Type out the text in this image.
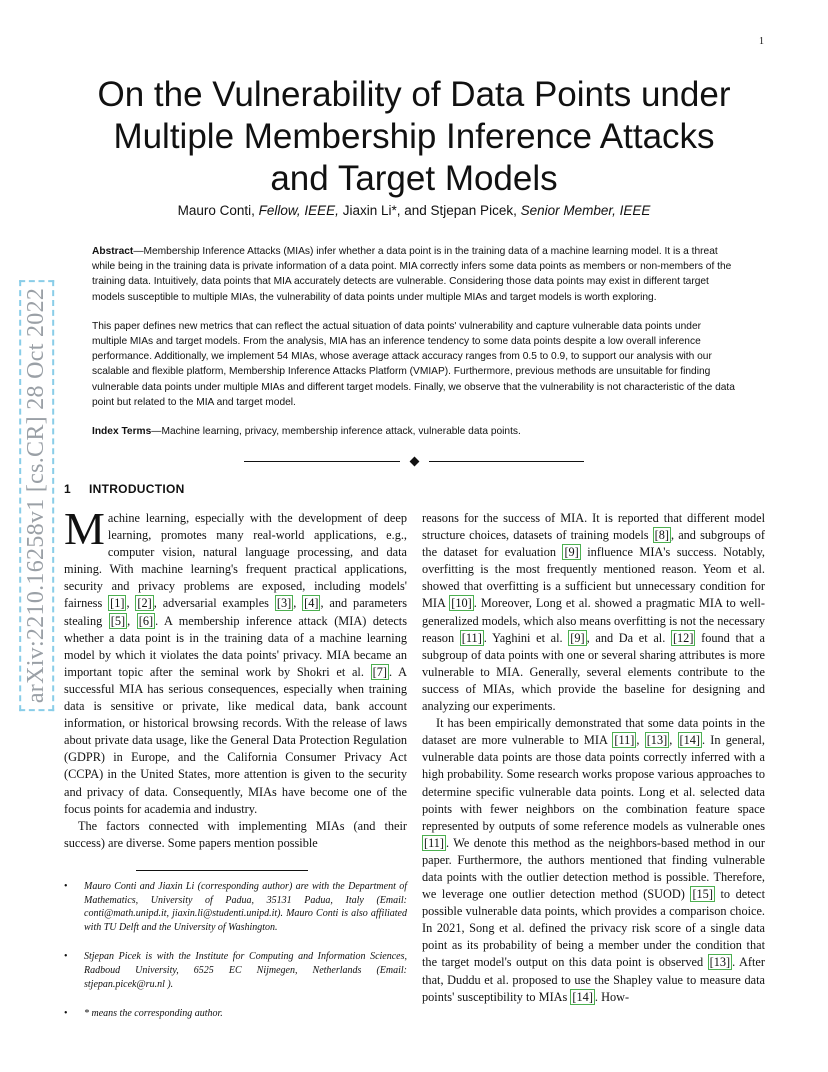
1
arXiv:2210.16258v1 [cs.CR] 28 Oct 2022
On the Vulnerability of Data Points under Multiple Membership Inference Attacks and Target Models
Mauro Conti, Fellow, IEEE, Jiaxin Li*, and Stjepan Picek, Senior Member, IEEE

Abstract—Membership Inference Attacks (MIAs) infer whether a data point is in the training data of a machine learning model. It is a threat while being in the training data is private information of a data point. MIA correctly infers some data points as members or non-members of the training data. Intuitively, data points that MIA accurately detects are vulnerable. Considering those data points may exist in different target models susceptible to multiple MIAs, the vulnerability of data points under multiple MIAs and target models is worth exploring.

This paper defines new metrics that can reflect the actual situation of data points' vulnerability and capture vulnerable data points under multiple MIAs and target models. From the analysis, MIA has an inference tendency to some data points despite a low overall inference performance. Additionally, we implement 54 MIAs, whose average attack accuracy ranges from 0.5 to 0.9, to support our analysis with our scalable and flexible platform, Membership Inference Attacks Platform (VMIAP). Furthermore, previous methods are unsuitable for finding vulnerable data points under multiple MIAs and different target models. Finally, we observe that the vulnerability is not characteristic of the data point but related to the MIA and target model.

Index Terms—Machine learning, privacy, membership inference attack, vulnerable data points.

1 INTRODUCTION

Machine learning, especially with the development of deep learning, promotes many real-world applications, e.g., computer vision, natural language processing, and data mining. With machine learning's frequent practical applications, security and privacy problems are exposed, including models' fairness [1] , [2] , adversarial examples [3] , [4] , and parameters stealing [5] , [6] . A membership inference attack (MIA) detects whether a data point is in the training data of a machine learning model by which it violates the data points' privacy. MIA became an important topic after the seminal work by Shokri et al. [7] . A successful MIA has serious consequences, especially when training data is sensitive or private, like medical data, bank account information, or historical browsing records. With the release of laws about private data usage, like the General Data Protection Regulation (GDPR) in Europe, and the California Consumer Privacy Act (CCPA) in the United States, more attention is given to the security and privacy of data. Consequently, MIAs have become one of the focus points for academia and industry.

The factors connected with implementing MIAs (and their success) are diverse. Some papers mention possible

reasons for the success of MIA. It is reported that different model structure choices, datasets of training models [8] , and subgroups of the dataset for evaluation [9] influence MIA's success. Notably, overfitting is the most frequently mentioned reason. Yeom et al. showed that overfitting is a sufficient but unnecessary condition for MIA [10] . Moreover, Long et al. showed a pragmatic MIA to well-generalized models, which also means overfitting is not the necessary reason [11] . Yaghini et al. [9] , and Da et al. [12] found that a subgroup of data points with one or several sharing attributes is more vulnerable to MIA. Generally, several elements contribute to the success of MIAs, which provide the baseline for designing and analyzing our experiments.

It has been empirically demonstrated that some data points in the dataset are more vulnerable to MIA [11] , [13] , [14] . In general, vulnerable data points are those data points correctly inferred with a high probability. Some research works propose various approaches to determine specific vulnerable data points. Long et al. selected data points with fewer neighbors on the combination feature space represented by outputs of some reference models as vulnerable ones [11] . We denote this method as the neighbors-based method in our paper. Furthermore, the authors mentioned that finding vulnerable data points with the outlier detection method is possible. Therefore, we leverage one outlier detection method (SUOD) [15] to detect possible vulnerable data points, which provides a comparison choice. In 2021, Song et al. defined the privacy risk score of a single data point as its probability of being a member under the condition that the target model's output on this data point is observed [13] . After that, Duddu et al. proposed to use the Shapley value to measure data points' susceptibility to MIAs [14] . How-

• Mauro Conti and Jiaxin Li (corresponding author) are with the Department of Mathematics, University of Padua, 35131 Padua, Italy (Email: conti@math.unipd.it, jiaxin.li@studenti.unipd.it). Mauro Conti is also affiliated with TU Delft and the University of Washington.
• Stjepan Picek is with the Institute for Computing and Information Sciences, Radboud University, 6525 EC Nijmegen, Netherlands (Email: stjepan.picek@ru.nl ).
• * means the corresponding author.
